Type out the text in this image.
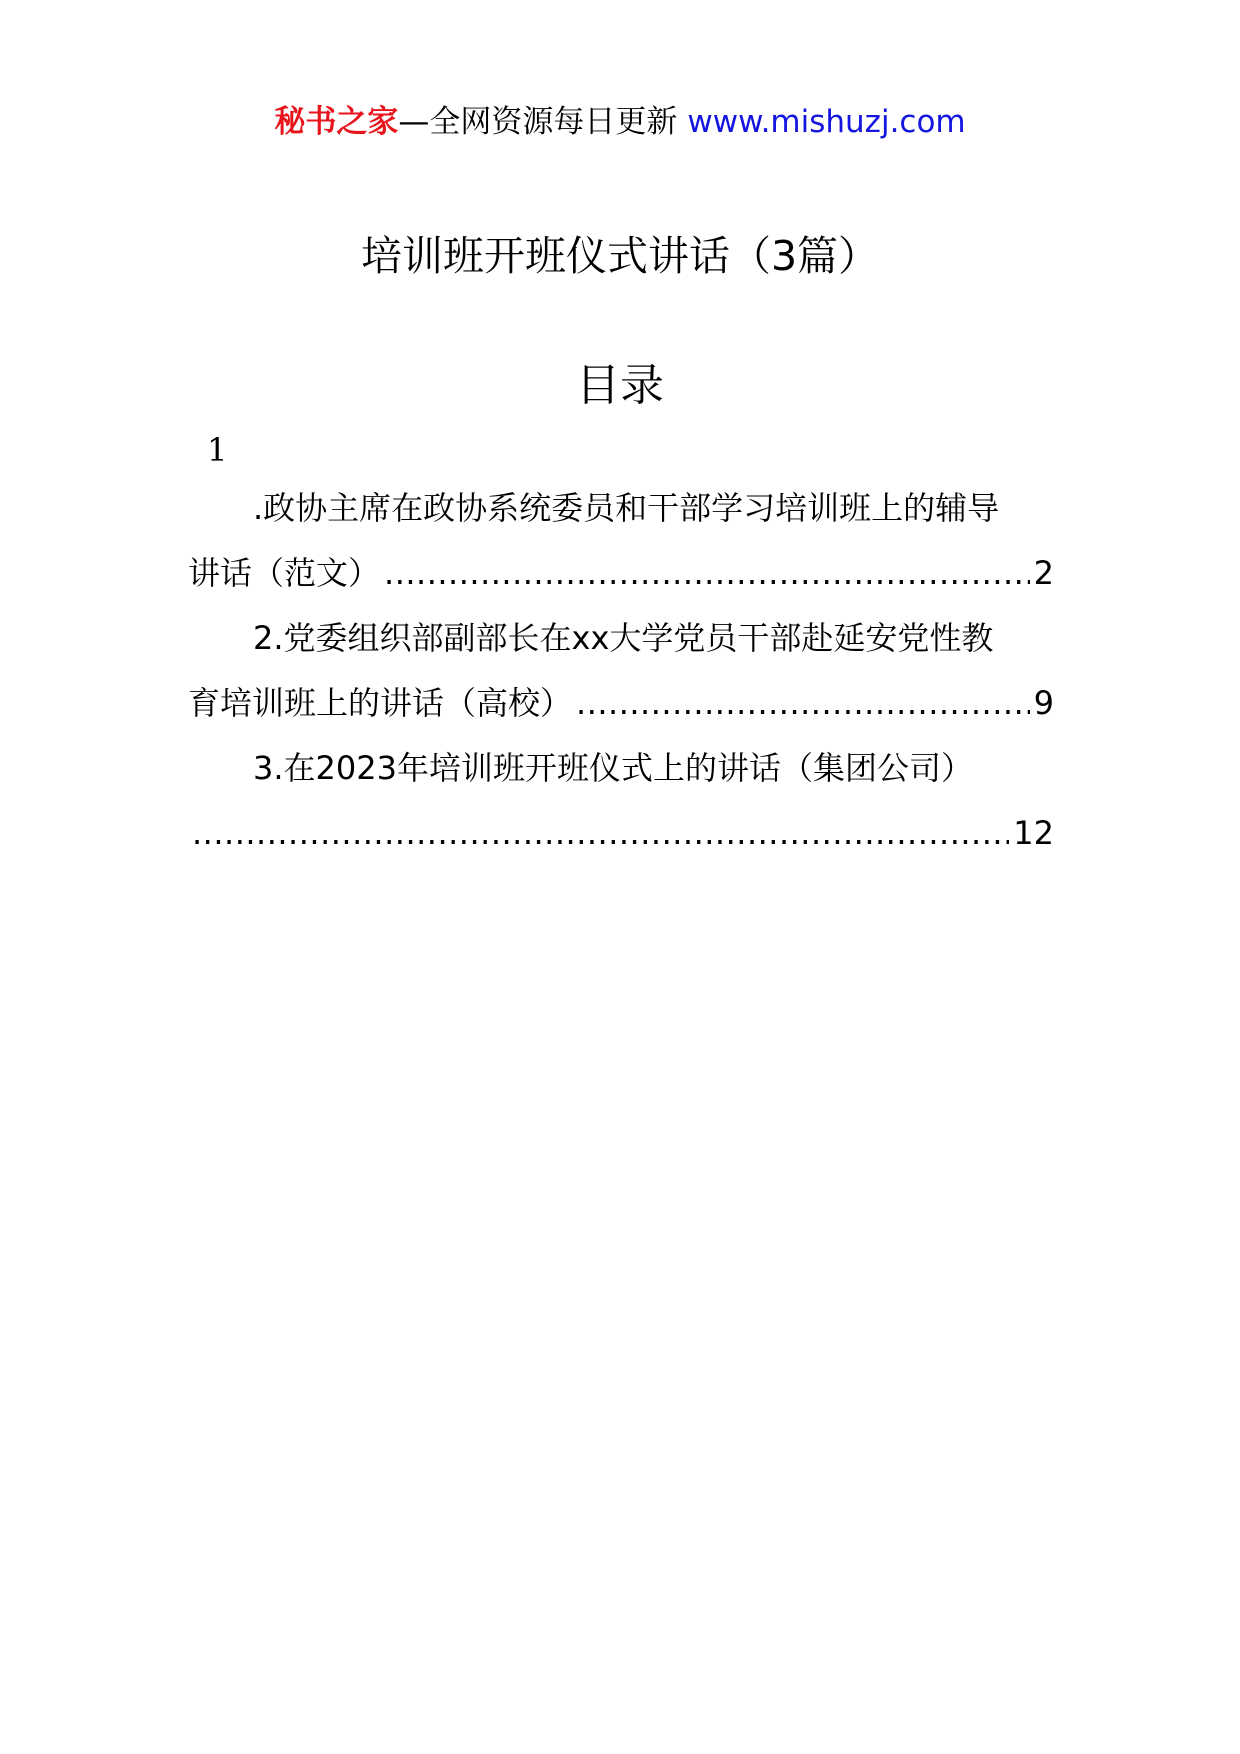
秘书之家—全网资源每日更新 www.mishuzj.com
培训班开班仪式讲话（3篇）
目录
1
.政协主席在政协系统委员和干部学习培训班上的辅导
讲话（范文） .....	2
2.党委组织部副部长在xx大学党员干部赴延安党性教
育培训班上的讲话（高校） .....	9
3.在2023年培训班开班仪式上的讲话（集团公司）
.....
12
